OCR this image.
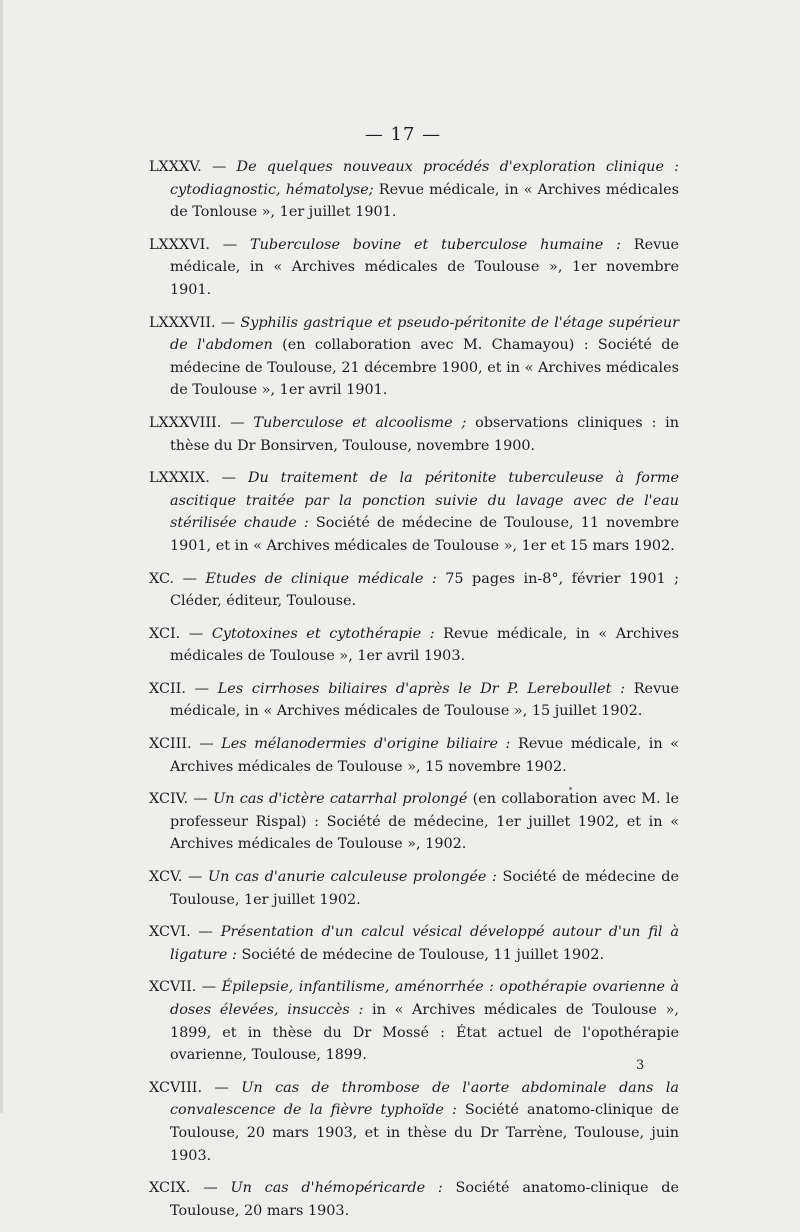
— 17 —

LXXXV. — De quelques nouveaux procédés d'exploration clinique : cytodiagnostic, hématolyse; Revue médicale, in « Archives médicales de Tonlouse », 1er juillet 1901.

LXXXVI. — Tuberculose bovine et tuberculose humaine : Revue médicale, in « Archives médicales de Toulouse », 1er novembre 1901.

LXXXVII. — Syphilis gastrique et pseudo-péritonite de l'étage supérieur de l'abdomen (en collaboration avec M. Chamayou) : Société de médecine de Toulouse, 21 décembre 1900, et in « Archives médicales de Toulouse », 1er avril 1901.

LXXXVIII. — Tuberculose et alcoolisme ; observations cliniques : in thèse du Dr Bonsirven, Toulouse, novembre 1900.

LXXXIX. — Du traitement de la péritonite tuberculeuse à forme ascitique traitée par la ponction suivie du lavage avec de l'eau stérilisée chaude : Société de médecine de Toulouse, 11 novembre 1901, et in « Archives médicales de Toulouse », 1er et 15 mars 1902.

XC. — Etudes de clinique médicale : 75 pages in-8°, février 1901 ; Cléder, éditeur, Toulouse.

XCI. — Cytotoxines et cytothérapie : Revue médicale, in « Archives médicales de Toulouse », 1er avril 1903.

XCII. — Les cirrhoses biliaires d'après le Dr P. Lereboullet : Revue médicale, in « Archives médicales de Toulouse », 15 juillet 1902.

XCIII. — Les mélanodermies d'origine biliaire : Revue médicale, in « Archives médicales de Toulouse », 15 novembre 1902.

XCIV. — Un cas d'ictère catarrhal prolongé (en collaboration avec M. le professeur Rispal) : Société de médecine, 1er juillet 1902, et in « Archives médicales de Toulouse », 1902.

XCV. — Un cas d'anurie calculeuse prolongée : Société de médecine de Toulouse, 1er juillet 1902.

XCVI. — Présentation d'un calcul vésical développé autour d'un fil à ligature : Société de médecine de Toulouse, 11 juillet 1902.

XCVII. — Épilepsie, infantilisme, aménorrhée : opothérapie ovarienne à doses élevées, insuccès : in « Archives médicales de Toulouse », 1899, et in thèse du Dr Mossé : État actuel de l'opothérapie ovarienne, Toulouse, 1899.

XCVIII. — Un cas de thrombose de l'aorte abdominale dans la convalescence de la fièvre typhoïde : Société anatomo-clinique de Toulouse, 20 mars 1903, et in thèse du Dr Tarrène, Toulouse, juin 1903.

XCIX. — Un cas d'hémopéricarde : Société anatomo-clinique de Toulouse, 20 mars 1903.

3
